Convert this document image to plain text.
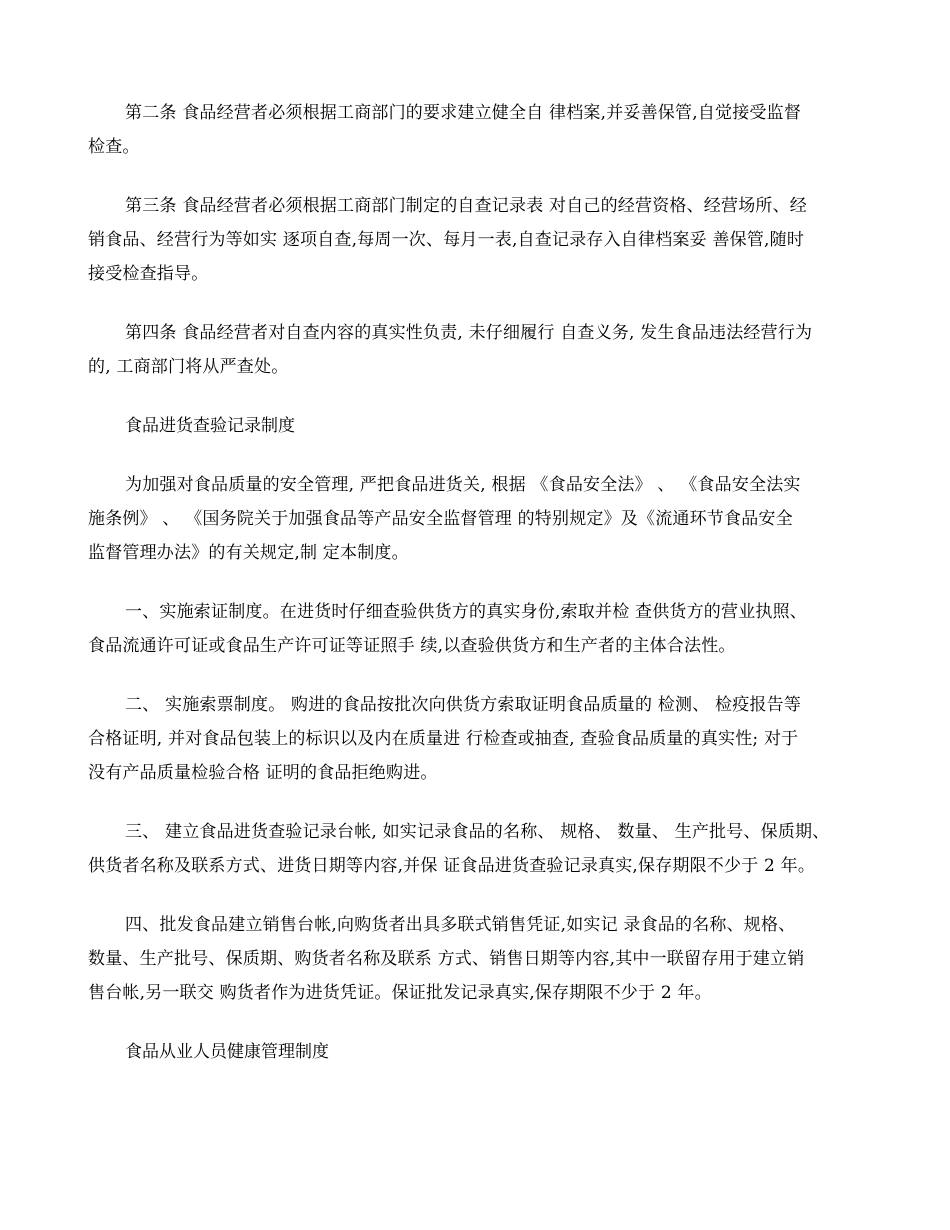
第二条 食品经营者必须根据工商部门的要求建立健全自 律档案,并妥善保管,自觉接受监督
检查。

第三条 食品经营者必须根据工商部门制定的自查记录表 对自己的经营资格、经营场所、经
销食品、经营行为等如实 逐项自查,每周一次、每月一表,自查记录存入自律档案妥 善保管,随时
接受检查指导。

第四条 食品经营者对自查内容的真实性负责, 未仔细履行 自查义务, 发生食品违法经营行为
的, 工商部门将从严查处。

食品进货查验记录制度

为加强对食品质量的安全管理, 严把食品进货关, 根据 《食品安全法》 、 《食品安全法实
施条例》 、 《国务院关于加强食品等产品安全监督管理 的特别规定》及《流通环节食品安全
监督管理办法》的有关规定,制 定本制度。

一、实施索证制度。在进货时仔细查验供货方的真实身份,索取并检 查供货方的营业执照、
食品流通许可证或食品生产许可证等证照手 续,以查验供货方和生产者的主体合法性。

二、 实施索票制度。 购进的食品按批次向供货方索取证明食品质量的 检测、 检疫报告等
合格证明, 并对食品包装上的标识以及内在质量进 行检查或抽查, 查验食品质量的真实性; 对于
没有产品质量检验合格 证明的食品拒绝购进。

三、 建立食品进货查验记录台帐, 如实记录食品的名称、 规格、 数量、 生产批号、保质期、
供货者名称及联系方式、进货日期等内容,并保 证食品进货查验记录真实,保存期限不少于 2 年。

四、批发食品建立销售台帐,向购货者出具多联式销售凭证,如实记 录食品的名称、规格、
数量、生产批号、保质期、购货者名称及联系 方式、销售日期等内容,其中一联留存用于建立销
售台帐,另一联交 购货者作为进货凭证。保证批发记录真实,保存期限不少于 2 年。

食品从业人员健康管理制度
